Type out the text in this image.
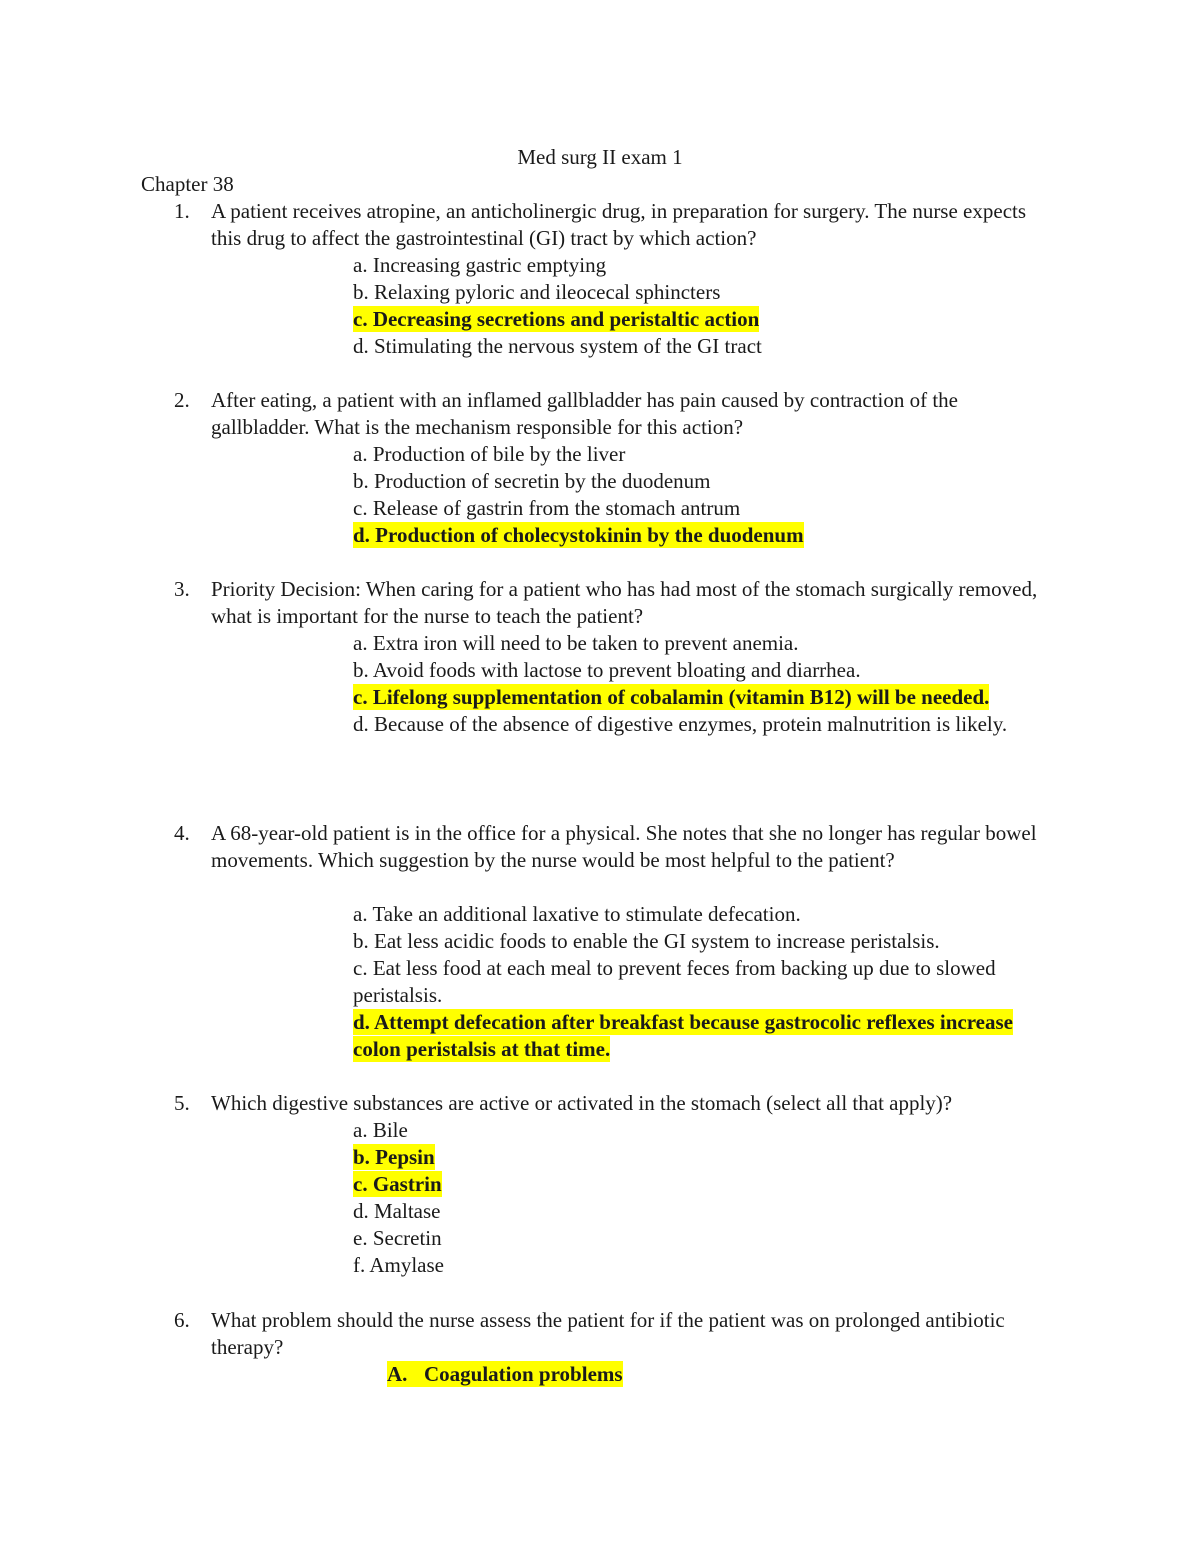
Med surg II exam 1
Chapter 38
1. A patient receives atropine, an anticholinergic drug, in preparation for surgery. The nurse expects this drug to affect the gastrointestinal (GI) tract by which action?
a. Increasing gastric emptying
b. Relaxing pyloric and ileocecal sphincters
c. Decreasing secretions and peristaltic action
d. Stimulating the nervous system of the GI tract
2. After eating, a patient with an inflamed gallbladder has pain caused by contraction of the gallbladder. What is the mechanism responsible for this action?
a. Production of bile by the liver
b. Production of secretin by the duodenum
c. Release of gastrin from the stomach antrum
d. Production of cholecystokinin by the duodenum
3. Priority Decision: When caring for a patient who has had most of the stomach surgically removed, what is important for the nurse to teach the patient?
a. Extra iron will need to be taken to prevent anemia.
b. Avoid foods with lactose to prevent bloating and diarrhea.
c. Lifelong supplementation of cobalamin (vitamin B12) will be needed.
d. Because of the absence of digestive enzymes, protein malnutrition is likely.
4. A 68-year-old patient is in the office for a physical. She notes that she no longer has regular bowel movements. Which suggestion by the nurse would be most helpful to the patient?
a. Take an additional laxative to stimulate defecation.
b. Eat less acidic foods to enable the GI system to increase peristalsis.
c. Eat less food at each meal to prevent feces from backing up due to slowed peristalsis.
d. Attempt defecation after breakfast because gastrocolic reflexes increase colon peristalsis at that time.
5. Which digestive substances are active or activated in the stomach (select all that apply)?
a. Bile
b. Pepsin
c. Gastrin
d. Maltase
e. Secretin
f. Amylase
6. What problem should the nurse assess the patient for if the patient was on prolonged antibiotic therapy?
A. Coagulation problems
